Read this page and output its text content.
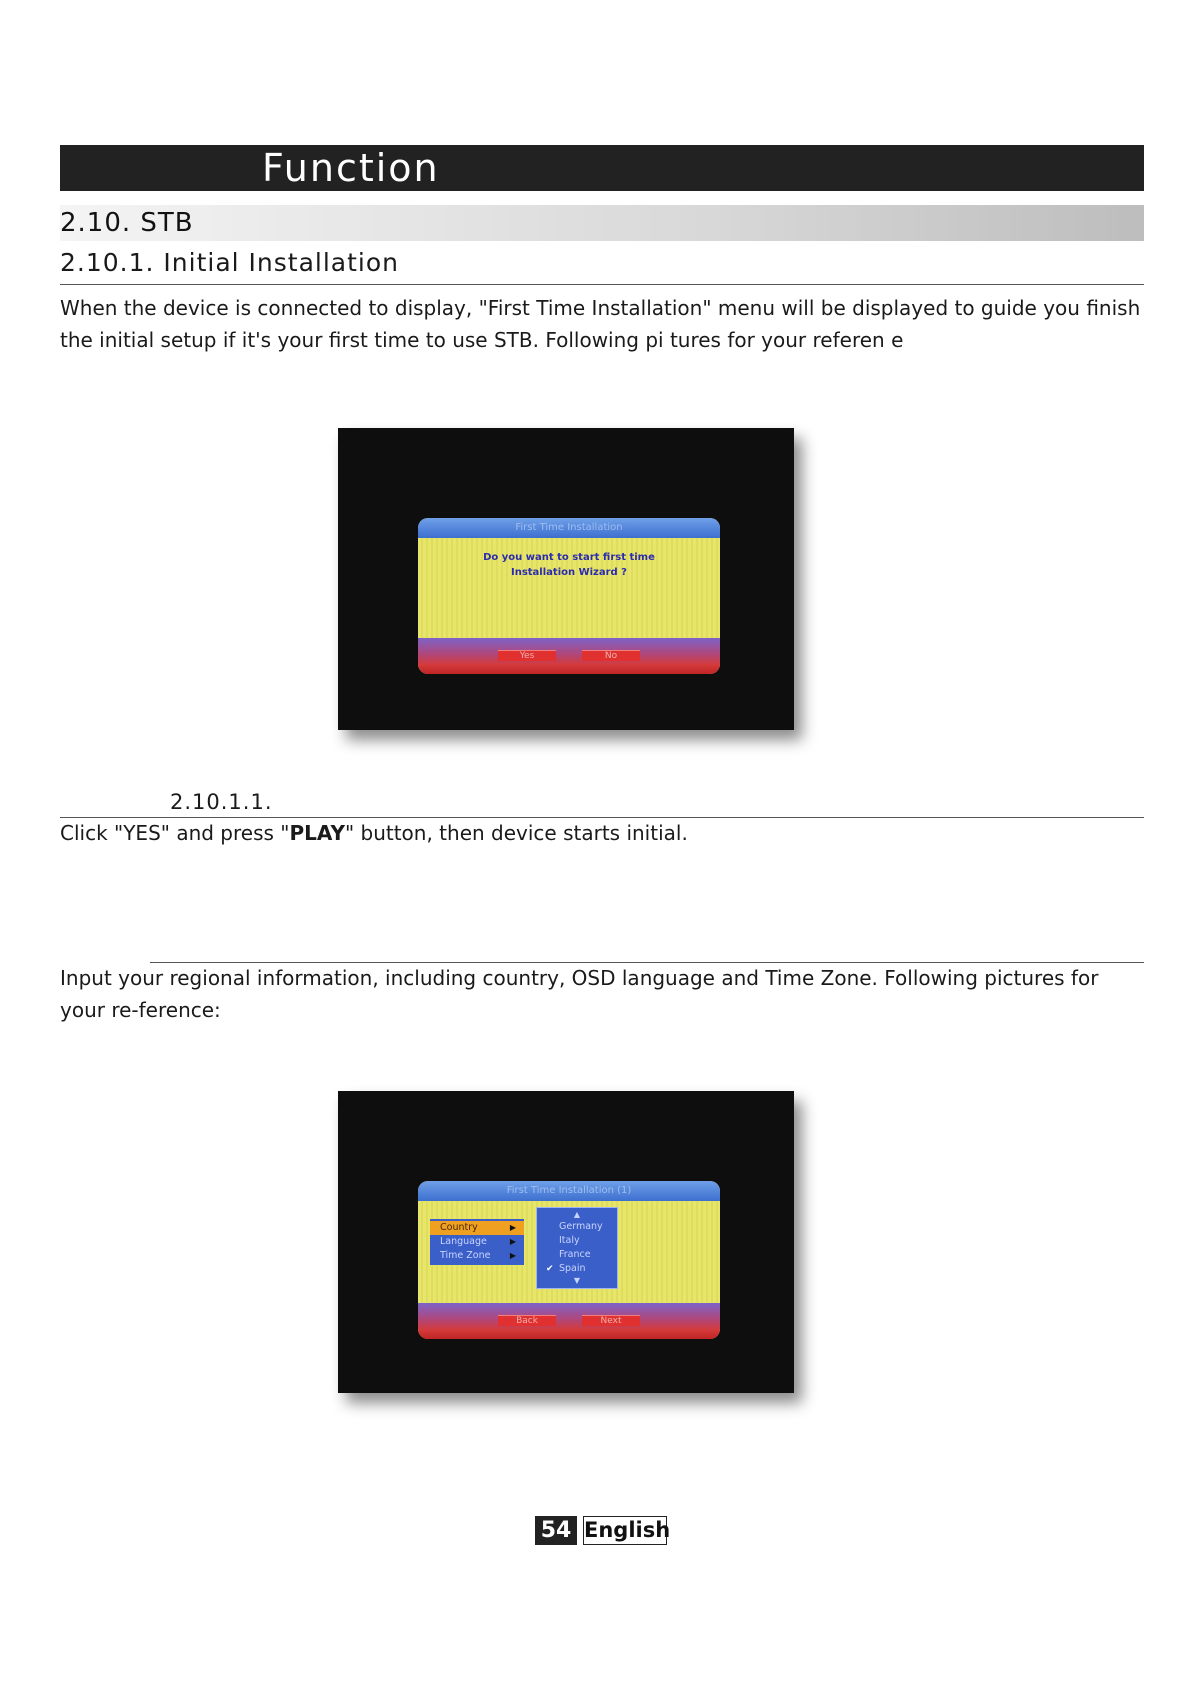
Function
2.10. STB
2.10.1. Initial Installation

When the device is connected to display, "First Time Installation" menu will be displayed to guide you finish the initial setup if it's your first time to use STB. Following pi tures for your referen e

First Time Installation
Do you want to start first time
Installation Wizard ?
Yes	No
2.10.1.1.

Click "YES" and press "PLAY" button, then device starts initial.

Input your regional information, including country, OSD language and Time Zone. Following pictures for your re-ference:

First Time Installation (1)
Country	▶
Language	▶
Time Zone ▶
▲
Germany
Italy
France
✔ Spain
▼
Back	Next
54 English
